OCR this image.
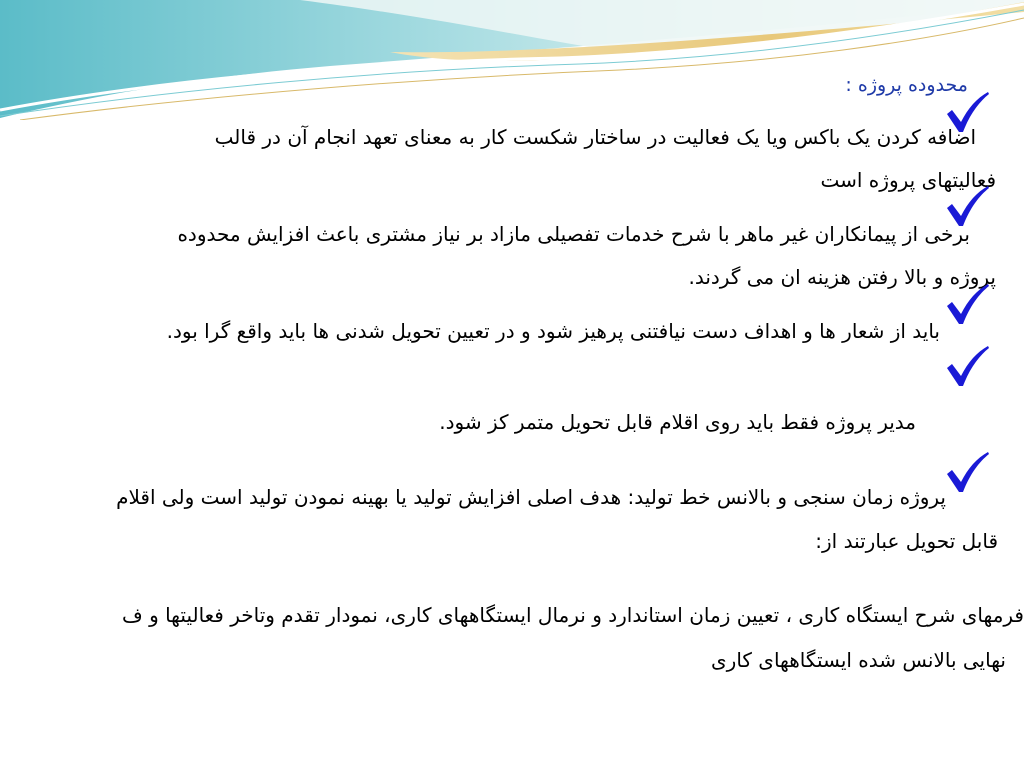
محدوده پروژه :
اضافه کردن یک باکس ویا یک فعالیت در ساختار شکست کار به معنای تعهد انجام آن در قالب
فعالیتهای پروژه است
برخی از پیمانکاران غیر ماهر با شرح خدمات تفصیلی مازاد بر نیاز مشتری باعث افزایش محدوده
پروژه و بالا رفتن هزینه ان می گردند.
باید از شعار ها و اهداف دست نیافتنی پرهیز شود و در تعیین تحویل شدنی ها باید واقع گرا بود.
مدیر پروژه فقط باید روی اقلام قابل تحویل متمر کز شود.
پروژه زمان سنجی و بالانس خط تولید: هدف اصلی افزایش تولید یا بهینه نمودن تولید است ولی اقلام
قابل تحویل عبارتند از:
فرمهای شرح ایستگاه کاری ، تعیین زمان استاندارد و نرمال ایستگاههای کاری، نمودار تقدم وتاخر فعالیتها و ف
نهایی بالانس شده ایستگاههای کاری
